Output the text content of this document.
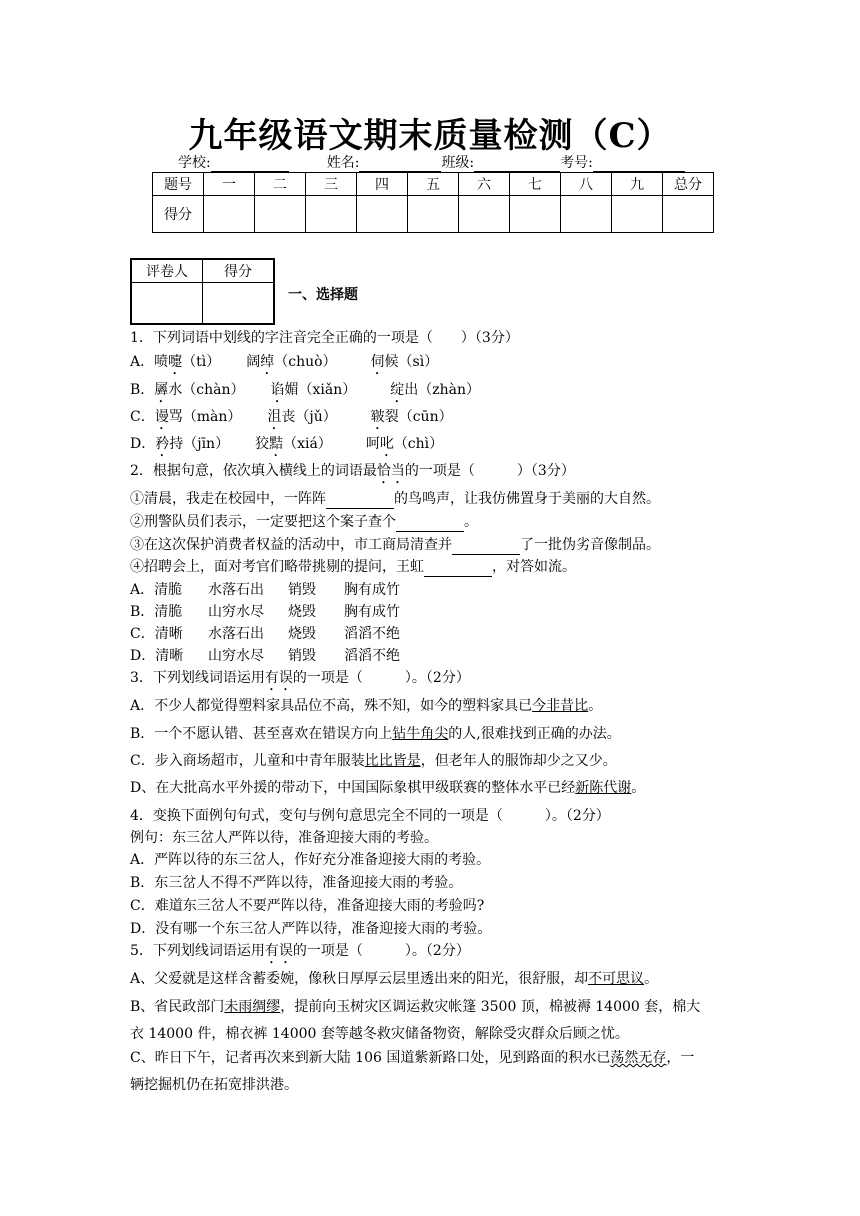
九年级语文期末质量检测（C）
学校:	姓名:	班级:	考号:
题号	一	二	三	四	五	六	七	八	九	总分
得分										
评卷人	得分

一、选择题
1．下列词语中划线的字注音完全正确的一项是（　　）（3分）
A．喷嚏（tì） 阔绰（chuò） 伺候（sì）
B．羼水（chàn） 谄媚（xiǎn） 绽出（zhàn）
C．谩骂（màn） 沮丧（jǔ） 皲裂（cūn）
D．矜持（jīn） 狡黠（xiá） 呵叱（chì）
2．根据句意，依次填入横线上的词语最恰当的一项是（　　　）（3分）
①清晨，我走在校园中，一阵阵	的鸟鸣声，让我仿佛置身于美丽的大自然。
②刑警队员们表示，一定要把这个案子查个	。
③在这次保护消费者权益的活动中，市工商局清查并	了一批伪劣音像制品。
④招聘会上，面对考官们略带挑剔的提问，王虹	，对答如流。
A．清脆 水落石出 销毁 胸有成竹
B．清脆 山穷水尽 烧毁 胸有成竹
C．清晰 水落石出 烧毁 滔滔不绝
D．清晰 山穷水尽 销毁 滔滔不绝
3．下列划线词语运用有误的一项是（　　　）。（2分）
A．不少人都觉得塑料家具品位不高，殊不知，如今的塑料家具已今非昔比。
B．一个不愿认错、甚至喜欢在错误方向上钻牛角尖的人,很难找到正确的办法。
C．步入商场超市，儿童和中青年服装比比皆是，但老年人的服饰却少之又少。
D、在大批高水平外援的带动下，中国国际象棋甲级联赛的整体水平已经新陈代谢。
4．变换下面例句句式，变句与例句意思完全不同的一项是（　　　）。（2分）
例句：东三岔人严阵以待，准备迎接大雨的考验。
A．严阵以待的东三岔人，作好充分准备迎接大雨的考验。
B．东三岔人不得不严阵以待，准备迎接大雨的考验。
C．难道东三岔人不要严阵以待，准备迎接大雨的考验吗?
D．没有哪一个东三岔人严阵以待，准备迎接大雨的考验。
5．下列划线词语运用有误的一项是（　　　）。（2分）
A、父爱就是这样含蓄委婉，像秋日厚厚云层里透出来的阳光，很舒服，却不可思议。
B、省民政部门未雨绸缪，提前向玉树灾区调运救灾帐篷 3500 顶，棉被褥 14000 套，棉大
衣 14000 件，棉衣裤 14000 套等越冬救灾储备物资，解除受灾群众后顾之忧。
C、昨日下午，记者再次来到新大陆 106 国道紫新路口处，见到路面的积水已荡然无存，一
辆挖掘机仍在拓宽排洪港。
